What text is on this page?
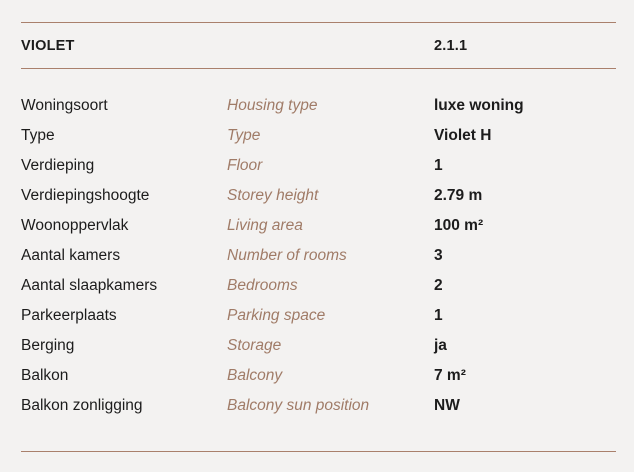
VIOLET	2.1.1
Woningsoort	Housing type	luxe woning
Type	Type	Violet H
Verdieping	Floor	1
Verdiepingshoogte	Storey height	2.79 m
Woonoppervlak	Living area	100 m²
Aantal kamers	Number of rooms	3
Aantal slaapkamers	Bedrooms	2
Parkeerplaats	Parking space	1
Berging	Storage	ja
Balkon	Balcony	7 m²
Balkon zonligging	Balcony sun position	NW
